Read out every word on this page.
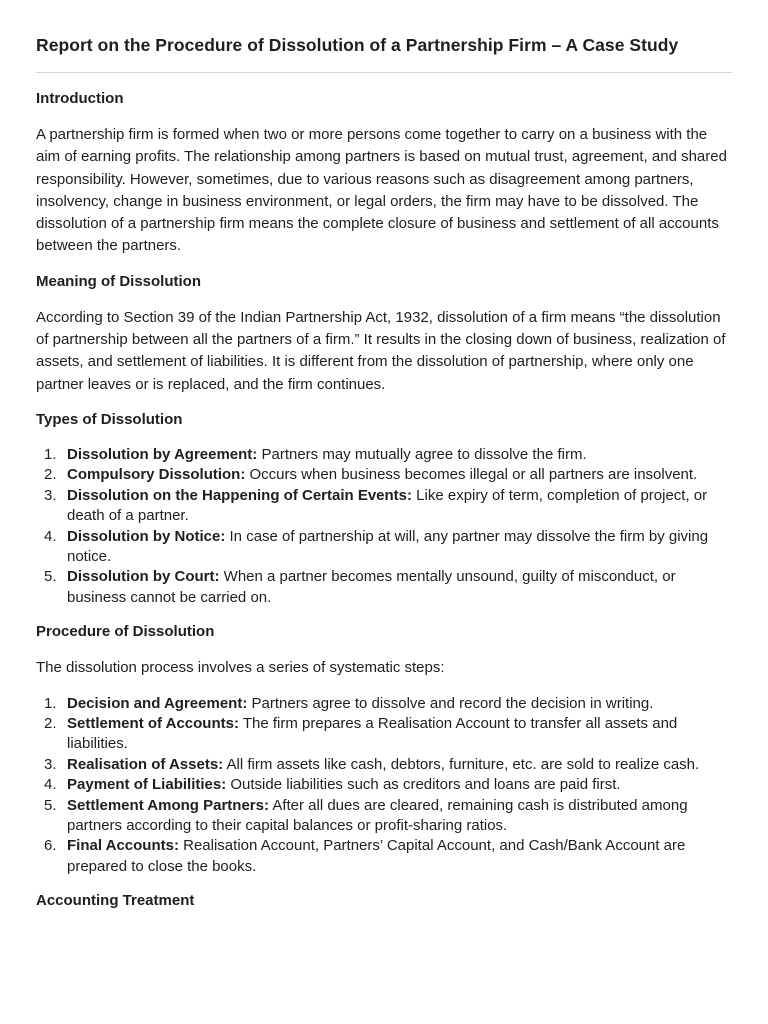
Report on the Procedure of Dissolution of a Partnership Firm – A Case Study
Introduction

A partnership firm is formed when two or more persons come together to carry on a business with the aim of earning profits. The relationship among partners is based on mutual trust, agreement, and shared responsibility. However, sometimes, due to various reasons such as disagreement among partners, insolvency, change in business environment, or legal orders, the firm may have to be dissolved. The dissolution of a partnership firm means the complete closure of business and settlement of all accounts between the partners.

Meaning of Dissolution

According to Section 39 of the Indian Partnership Act, 1932, dissolution of a firm means “the dissolution of partnership between all the partners of a firm.” It results in the closing down of business, realization of assets, and settlement of liabilities. It is different from the dissolution of partnership, where only one partner leaves or is replaced, and the firm continues.

Types of Dissolution
1. Dissolution by Agreement: Partners may mutually agree to dissolve the firm.
2. Compulsory Dissolution: Occurs when business becomes illegal or all partners are insolvent.
3. Dissolution on the Happening of Certain Events: Like expiry of term, completion of project, or death of a partner.
4. Dissolution by Notice: In case of partnership at will, any partner may dissolve the firm by giving notice.
5. Dissolution by Court: When a partner becomes mentally unsound, guilty of misconduct, or business cannot be carried on.
Procedure of Dissolution

The dissolution process involves a series of systematic steps:

1. Decision and Agreement: Partners agree to dissolve and record the decision in writing.
2. Settlement of Accounts: The firm prepares a Realisation Account to transfer all assets and liabilities.
3. Realisation of Assets: All firm assets like cash, debtors, furniture, etc. are sold to realize cash.
4. Payment of Liabilities: Outside liabilities such as creditors and loans are paid first.
5. Settlement Among Partners: After all dues are cleared, remaining cash is distributed among partners according to their capital balances or profit-sharing ratios.
6. Final Accounts: Realisation Account, Partners’ Capital Account, and Cash/Bank Account are prepared to close the books.
Accounting Treatment
